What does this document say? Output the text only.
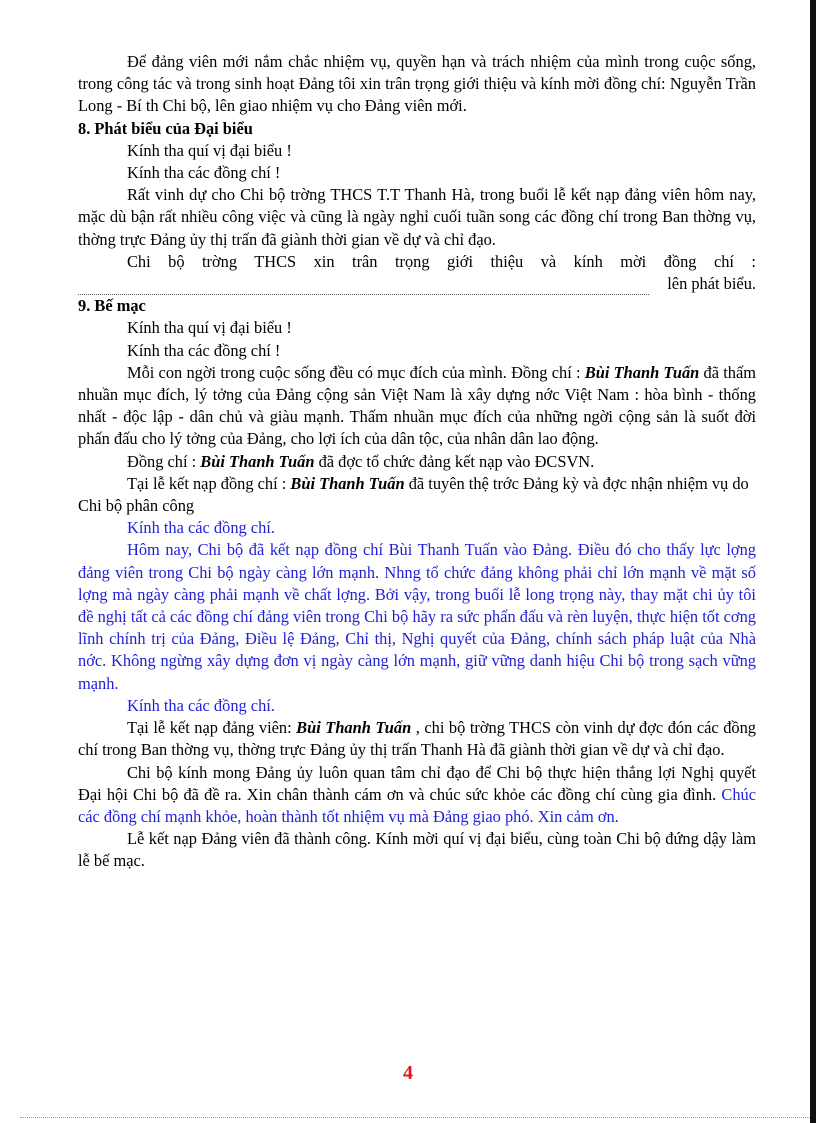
Để đảng viên mới nắm chắc nhiệm vụ, quyền hạn và trách nhiệm của mình trong cuộc sống, trong công tác và trong sinh hoạt Đảng tôi xin trân trọng giới thiệu và kính mời đồng chí: Nguyễn Trần Long - Bí th Chi bộ, lên giao nhiệm vụ cho Đảng viên mới.

8. Phát biểu của Đại biểu

Kính tha quí vị đại biểu !

Kính tha các đồng chí !

Rất vinh dự cho Chi bộ trờng THCS T.T Thanh Hà, trong buổi lễ kết nạp đảng viên hôm nay, mặc dù bận rất nhiều công việc và cũng là ngày nghỉ cuối tuần song các đồng chí trong Ban thờng vụ, thờng trực Đảng ủy thị trấn đã giành thời gian về dự và chỉ đạo.

Chi bộ trờng THCS xin trân trọng giới thiệu và kính mời đồng chí :

lên phát biểu.

9. Bế mạc

Kính tha quí vị đại biểu !

Kính tha các đồng chí !

Mỗi con ngời trong cuộc sống đều có mục đích của mình. Đồng chí : Bùi Thanh Tuấn đã thấm nhuần mục đích, lý tởng của Đảng cộng sản Việt Nam là xây dựng nớc Việt Nam : hòa bình - thống nhất - độc lập - dân chủ và giàu mạnh. Thấm nhuần mục đích của những ngời cộng sản là suốt đời phấn đấu cho lý tởng của Đảng, cho lợi ích của dân tộc, của nhân dân lao động.

Đồng chí : Bùi Thanh Tuấn đã đợc tổ chức đảng kết nạp vào ĐCSVN.

Tại lễ kết nạp đồng chí : Bùi Thanh Tuấn đã tuyên thệ trớc Đảng kỳ và đợc nhận nhiệm vụ do Chi bộ phân công

Kính tha các đồng chí.

Hôm nay, Chi bộ đã kết nạp đồng chí Bùi Thanh Tuấn vào Đảng. Điều đó cho thấy lực lợng đảng viên trong Chi bộ ngày càng lớn mạnh. Nhng tổ chức đảng không phải chỉ lớn mạnh về mặt số lợng mà ngày càng phải mạnh về chất lợng. Bởi vậy, trong buổi lễ long trọng này, thay mặt chi ủy tôi đề nghị tất cả các đồng chí đảng viên trong Chi bộ hãy ra sức phấn đấu và rèn luyện, thực hiện tốt cơng lĩnh chính trị của Đảng, Điều lệ Đảng, Chỉ thị, Nghị quyết của Đảng, chính sách pháp luật của Nhà nớc. Không ngừng xây dựng đơn vị ngày càng lớn mạnh, giữ vững danh hiệu Chi bộ trong sạch vững mạnh.

Kính tha các đồng chí.

Tại lễ kết nạp đảng viên: Bùi Thanh Tuấn , chi bộ trờng THCS còn vinh dự đợc đón các đồng chí trong Ban thờng vụ, thờng trực Đảng ủy thị trấn Thanh Hà đã giành thời gian về dự và chỉ đạo.

Chi bộ kính mong Đảng ủy luôn quan tâm chỉ đạo để Chi bộ thực hiện thắng lợi Nghị quyết Đại hội Chi bộ đã đề ra. Xin chân thành cám ơn và chúc sức khỏe các đồng chí cùng gia đình. Chúc các đồng chí mạnh khỏe, hoàn thành tốt nhiệm vụ mà Đảng giao phó. Xin cảm ơn.

Lễ kết nạp Đảng viên đã thành công. Kính mời quí vị đại biểu, cùng toàn Chi bộ đứng dậy làm lễ bế mạc.

4
